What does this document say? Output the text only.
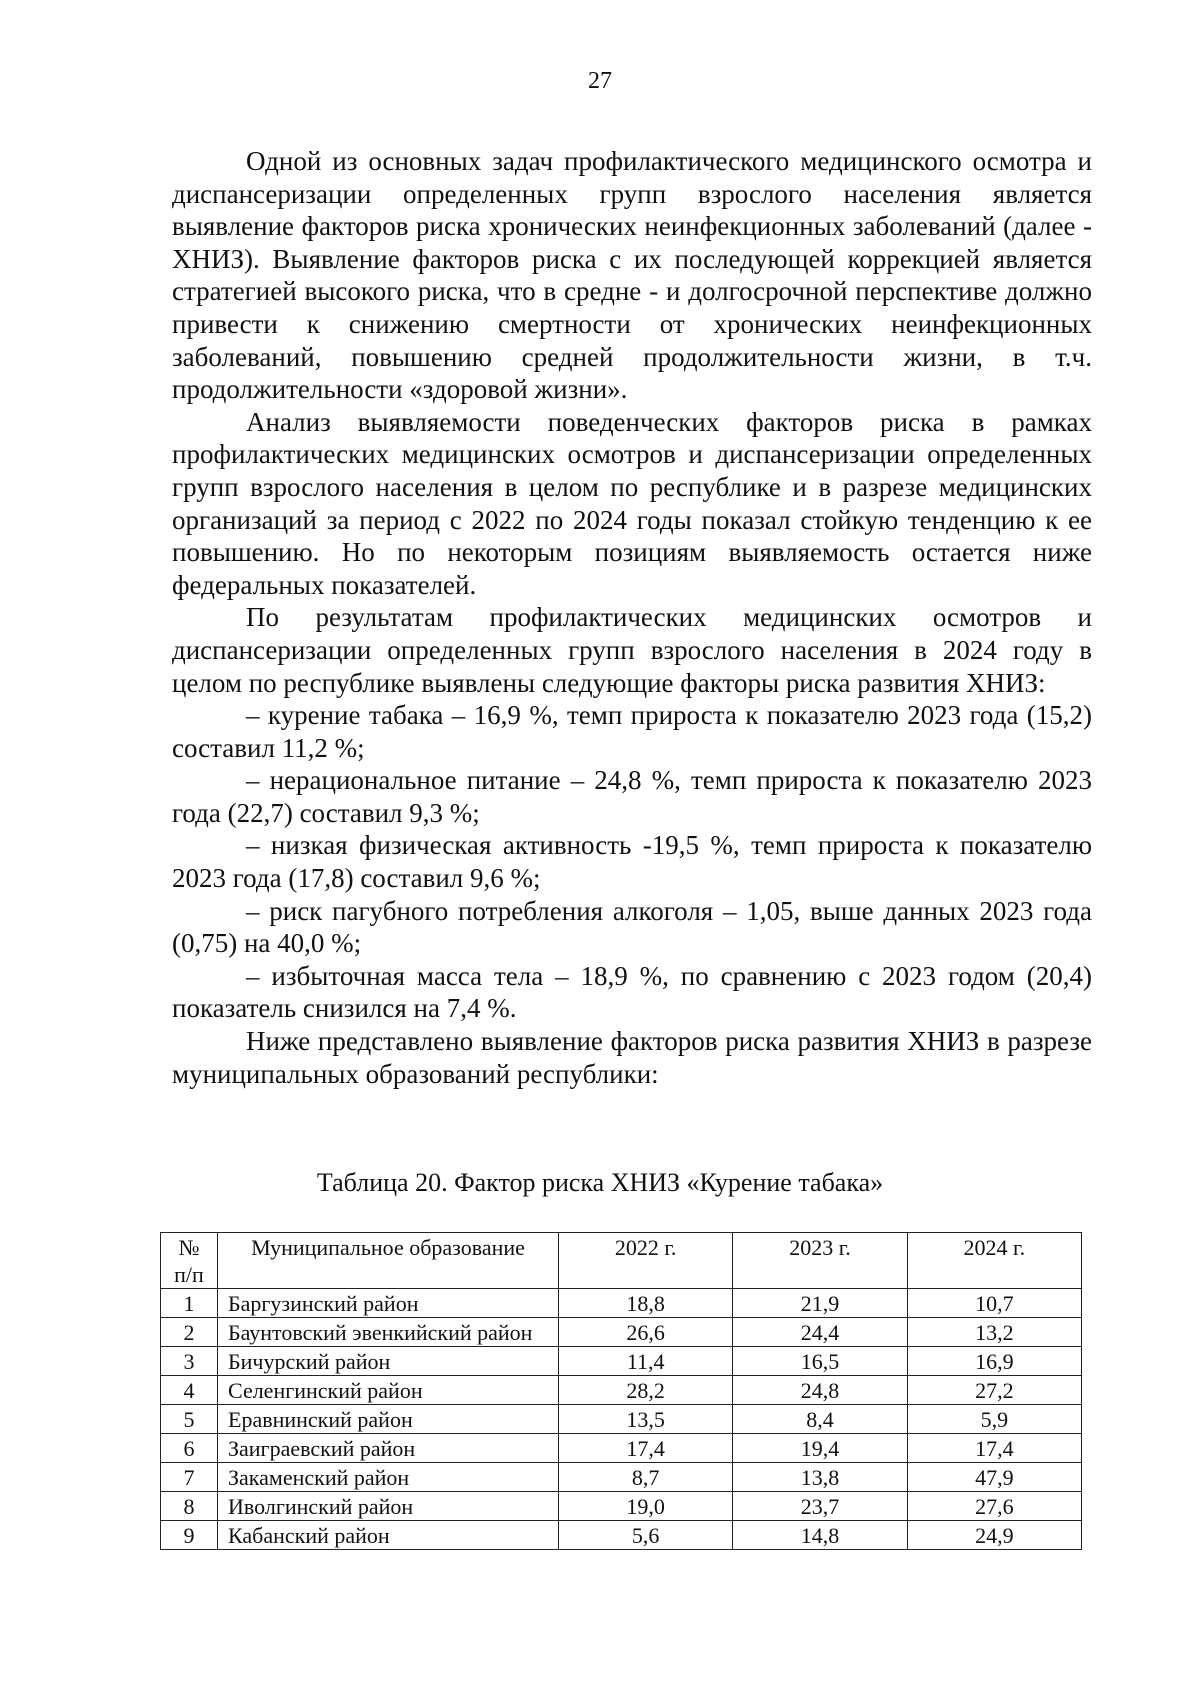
27

Одной из основных задач профилактического медицинского осмотра и диспансеризации определенных групп взрослого населения является выявление факторов риска хронических неинфекционных заболеваний (далее - ХНИЗ). Выявление факторов риска с их последующей коррекцией является стратегией высокого риска, что в средне - и долгосрочной перспективе должно привести к снижению смертности от хронических неинфекционных заболеваний, повышению средней продолжительности жизни, в т.ч. продолжительности «здоровой жизни».

Анализ выявляемости поведенческих факторов риска в рамках профилактических медицинских осмотров и диспансеризации определенных групп взрослого населения в целом по республике и в разрезе медицинских организаций за период с 2022 по 2024 годы показал стойкую тенденцию к ее повышению. Но по некоторым позициям выявляемость остается ниже федеральных показателей.

По результатам профилактических медицинских осмотров и диспансеризации определенных групп взрослого населения в 2024 году в целом по республике выявлены следующие факторы риска развития ХНИЗ:

– курение табака – 16,9 %, темп прироста к показателю 2023 года (15,2) составил 11,2 %;

– нерациональное питание – 24,8 %, темп прироста к показателю 2023 года (22,7) составил 9,3 %;

– низкая физическая активность -19,5 %, темп прироста к показателю 2023 года (17,8) составил 9,6 %;

– риск пагубного потребления алкоголя – 1,05, выше данных 2023 года (0,75) на 40,0 %;

– избыточная масса тела – 18,9 %, по сравнению с 2023 годом (20,4) показатель снизился на 7,4 %.

Ниже представлено выявление факторов риска развития ХНИЗ в разрезе муниципальных образований республики:

Таблица 20. Фактор риска ХНИЗ «Курение табака»
№ п/п	Муниципальное образование	2022 г.	2023 г.	2024 г.
1	Баргузинский район	18,8	21,9	10,7
2	Баунтовский эвенкийский район	26,6	24,4	13,2
3	Бичурский район	11,4	16,5	16,9
4	Селенгинский район	28,2	24,8	27,2
5	Еравнинский район	13,5	8,4	5,9
6	Заиграевский район	17,4	19,4	17,4
7	Закаменский район	8,7	13,8	47,9
8	Иволгинский район	19,0	23,7	27,6
9	Кабанский район	5,6	14,8	24,9
